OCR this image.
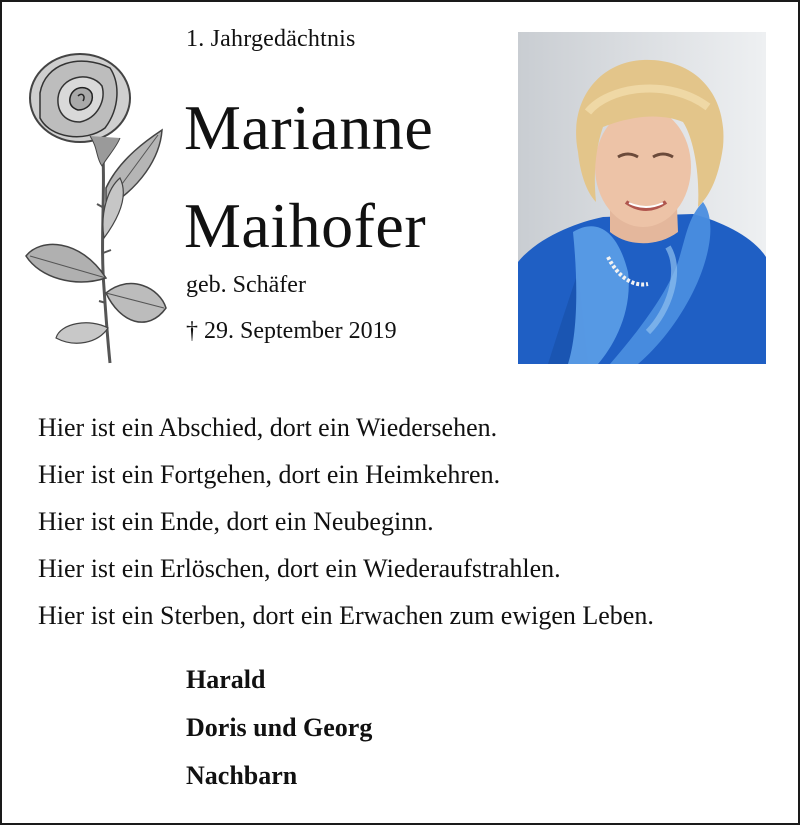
1. Jahrgedächtnis
Marianne
Maihofer
geb. Schäfer
† 29. September 2019
Hier ist ein Abschied, dort ein Wiedersehen.
Hier ist ein Fortgehen, dort ein Heimkehren.
Hier ist ein Ende, dort ein Neubeginn.
Hier ist ein Erlöschen, dort ein Wiederaufstrahlen.
Hier ist ein Sterben, dort ein Erwachen zum ewigen Leben.
Harald
Doris und Georg
Nachbarn
